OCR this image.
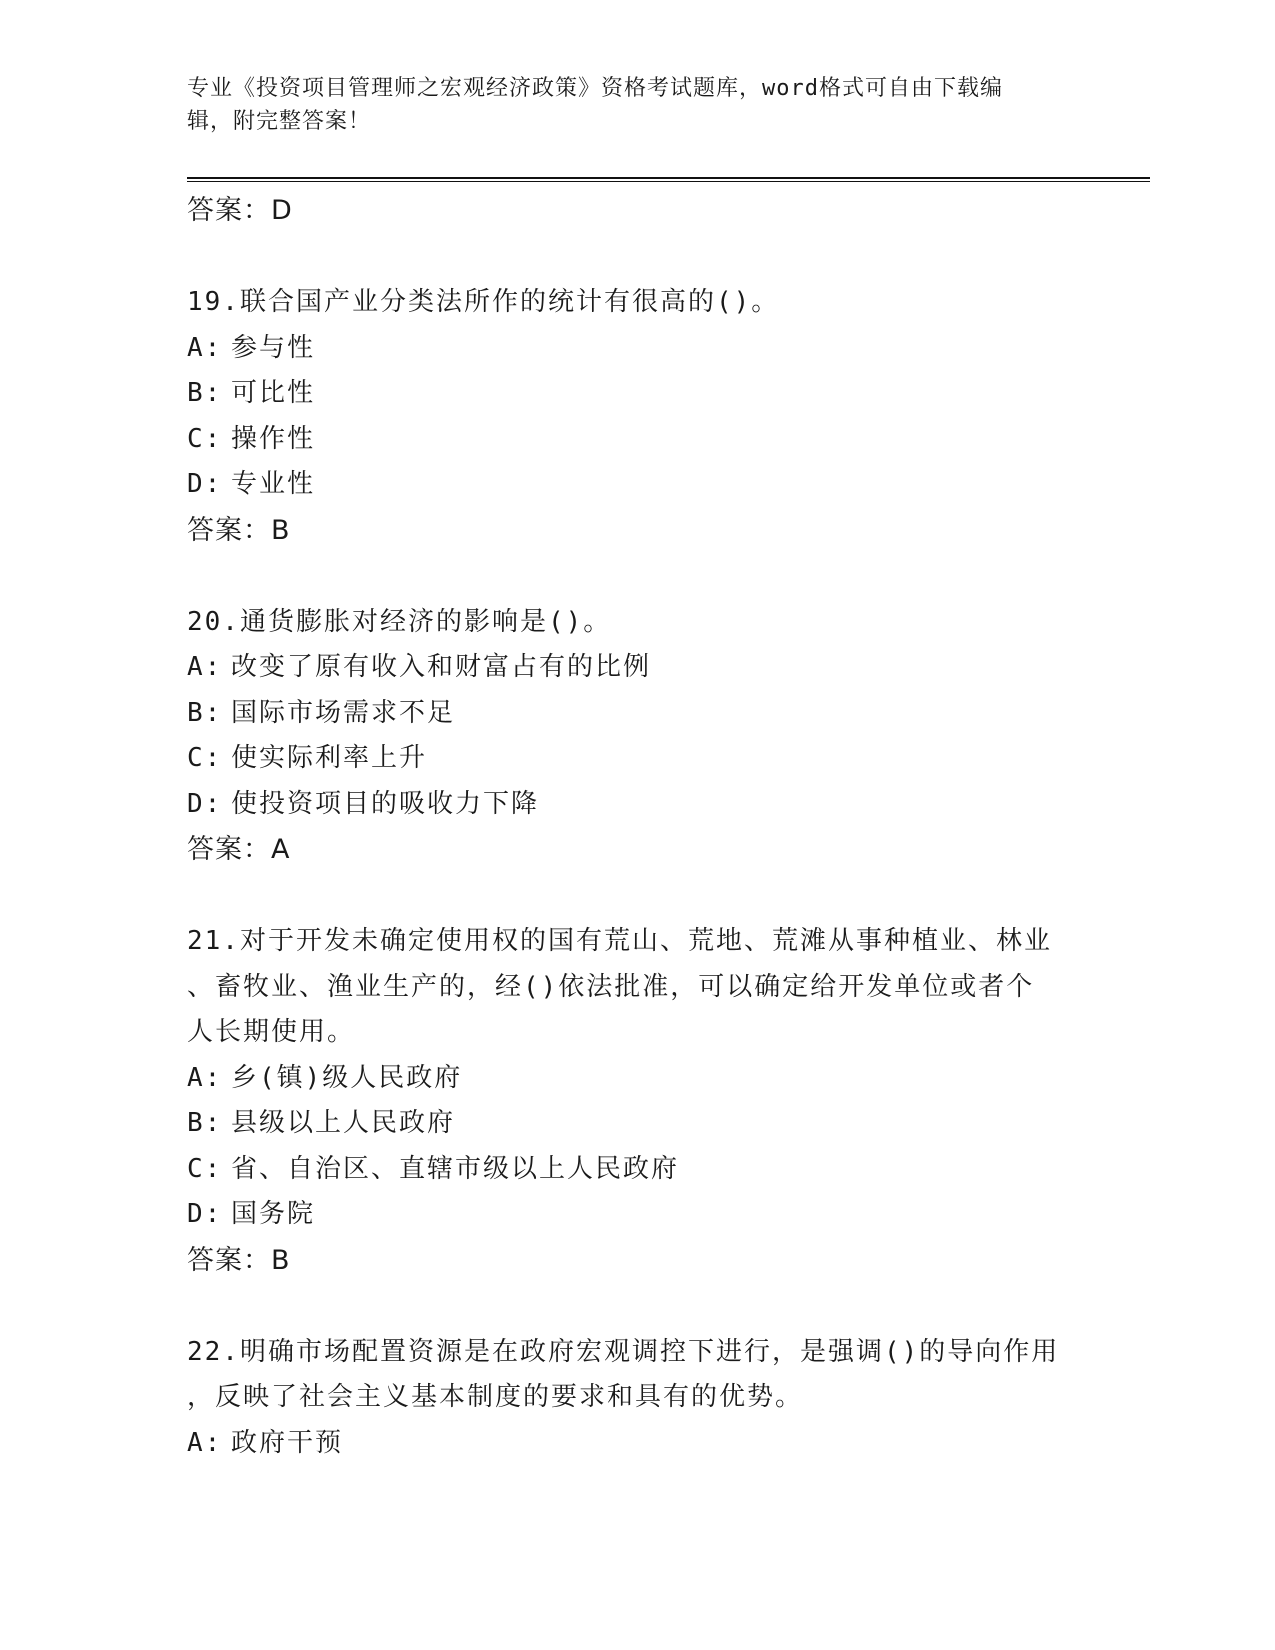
专业《投资项目管理师之宏观经济政策》资格考试题库，word格式可自由下载编
辑，附完整答案！
答案：D
19.联合国产业分类法所作的统计有很高的()。
A: 参与性
B: 可比性
C: 操作性
D: 专业性
答案：B
20.通货膨胀对经济的影响是()。
A: 改变了原有收入和财富占有的比例
B: 国际市场需求不足
C: 使实际利率上升
D: 使投资项目的吸收力下降
答案：A
21.对于开发未确定使用权的国有荒山、荒地、荒滩从事种植业、林业
、畜牧业、渔业生产的，经()依法批准，可以确定给开发单位或者个
人长期使用。
A: 乡(镇)级人民政府
B: 县级以上人民政府
C: 省、自治区、直辖市级以上人民政府
D: 国务院
答案：B
22.明确市场配置资源是在政府宏观调控下进行，是强调()的导向作用
，反映了社会主义基本制度的要求和具有的优势。
A: 政府干预
